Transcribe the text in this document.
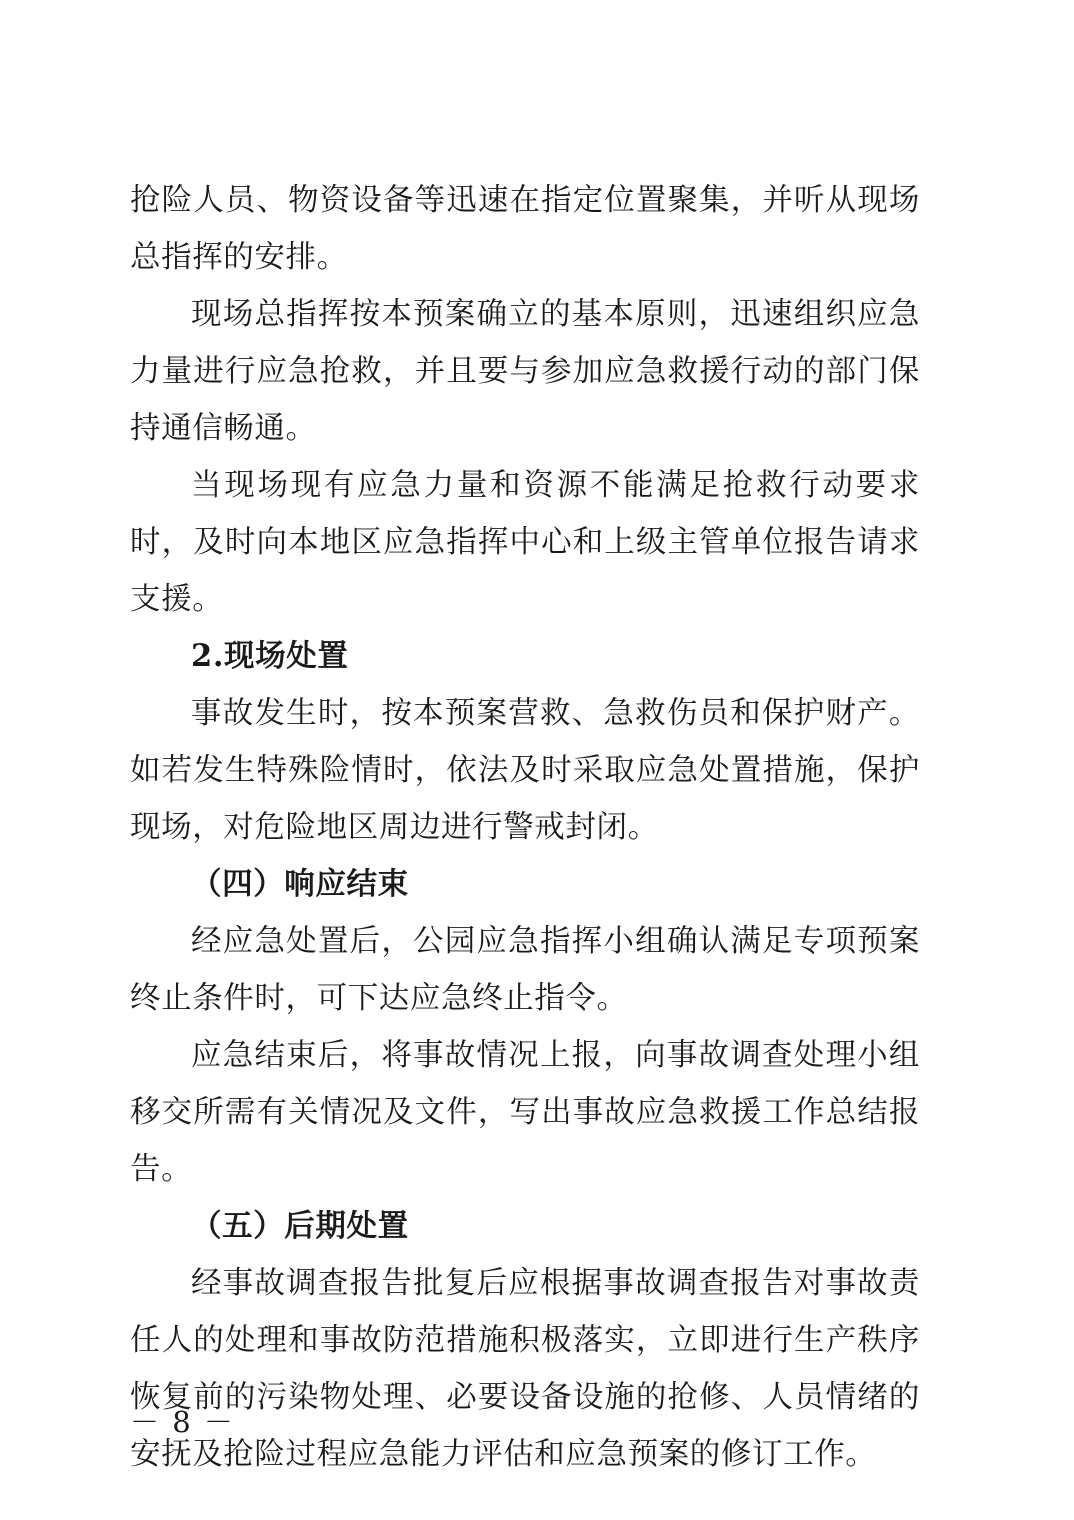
抢险人员、物资设备等迅速在指定位置聚集，并听从现场总指挥的安排。

现场总指挥按本预案确立的基本原则，迅速组织应急力量进行应急抢救，并且要与参加应急救援行动的部门保持通信畅通。

当现场现有应急力量和资源不能满足抢救行动要求时，及时向本地区应急指挥中心和上级主管单位报告请求支援。

2.现场处置

事故发生时，按本预案营救、急救伤员和保护财产。如若发生特殊险情时，依法及时采取应急处置措施，保护现场，对危险地区周边进行警戒封闭。

（四）响应结束

经应急处置后，公园应急指挥小组确认满足专项预案终止条件时，可下达应急终止指令。

应急结束后，将事故情况上报，向事故调查处理小组移交所需有关情况及文件，写出事故应急救援工作总结报告。

（五）后期处置

经事故调查报告批复后应根据事故调查报告对事故责任人的处理和事故防范措施积极落实，立即进行生产秩序恢复前的污染物处理、必要设备设施的抢修、人员情绪的安抚及抢险过程应急能力评估和应急预案的修订工作。

－ 8 －
